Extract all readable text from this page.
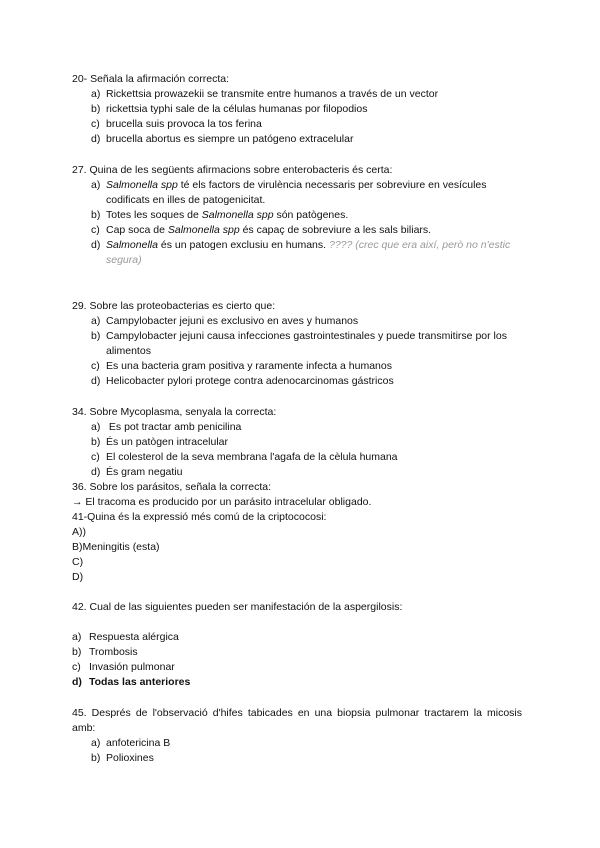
20- Señala la afirmación correcta:
a) Rickettsia prowazekii se transmite entre humanos a través de un vector
b) rickettsia typhi sale de la células humanas por filopodios
c) brucella suis provoca la tos ferina
d) brucella abortus es siempre un patógeno extracelular
27. Quina de les següents afirmacions sobre enterobacteris és certa:
a) Salmonella spp té els factors de virulència necessaris per sobreviure en vesícules codificats en illes de patogenicitat.
b) Totes les soques de Salmonella spp són patògenes.
c) Cap soca de Salmonella spp és capaç de sobreviure a les sals biliars.
d) Salmonella és un patogen exclusiu en humans. ???? (crec que era així, però no n'estic segura)
29. Sobre las proteobacterias es cierto que:
a) Campylobacter jejuni es exclusivo en aves y humanos
b) Campylobacter jejuni causa infecciones gastrointestinales y puede transmitirse por los alimentos
c) Es una bacteria gram positiva y raramente infecta a humanos
d) Helicobacter pylori protege contra adenocarcinomas gástricos
34. Sobre Mycoplasma, senyala la correcta:
a) Es pot tractar amb penicilina
b) És un patògen intracelular
c) El colesterol de la seva membrana l'agafa de la cèlula humana
d) És gram negatiu
36. Sobre los parásitos, señala la correcta:
→ El tracoma es producido por un parásito intracelular obligado.
41-Quina és la expressió més comú de la criptococosi:
A))
B)Meningitis (esta)
C)
D)
42. Cual de las siguientes pueden ser manifestación de la aspergilosis:
a) Respuesta alérgica
b) Trombosis
c) Invasión pulmonar
d) Todas las anteriores
45. Després de l'observació d'hifes tabicades en una biopsia pulmonar tractarem la micosis amb:
a) anfotericina B
b) Polioxines
